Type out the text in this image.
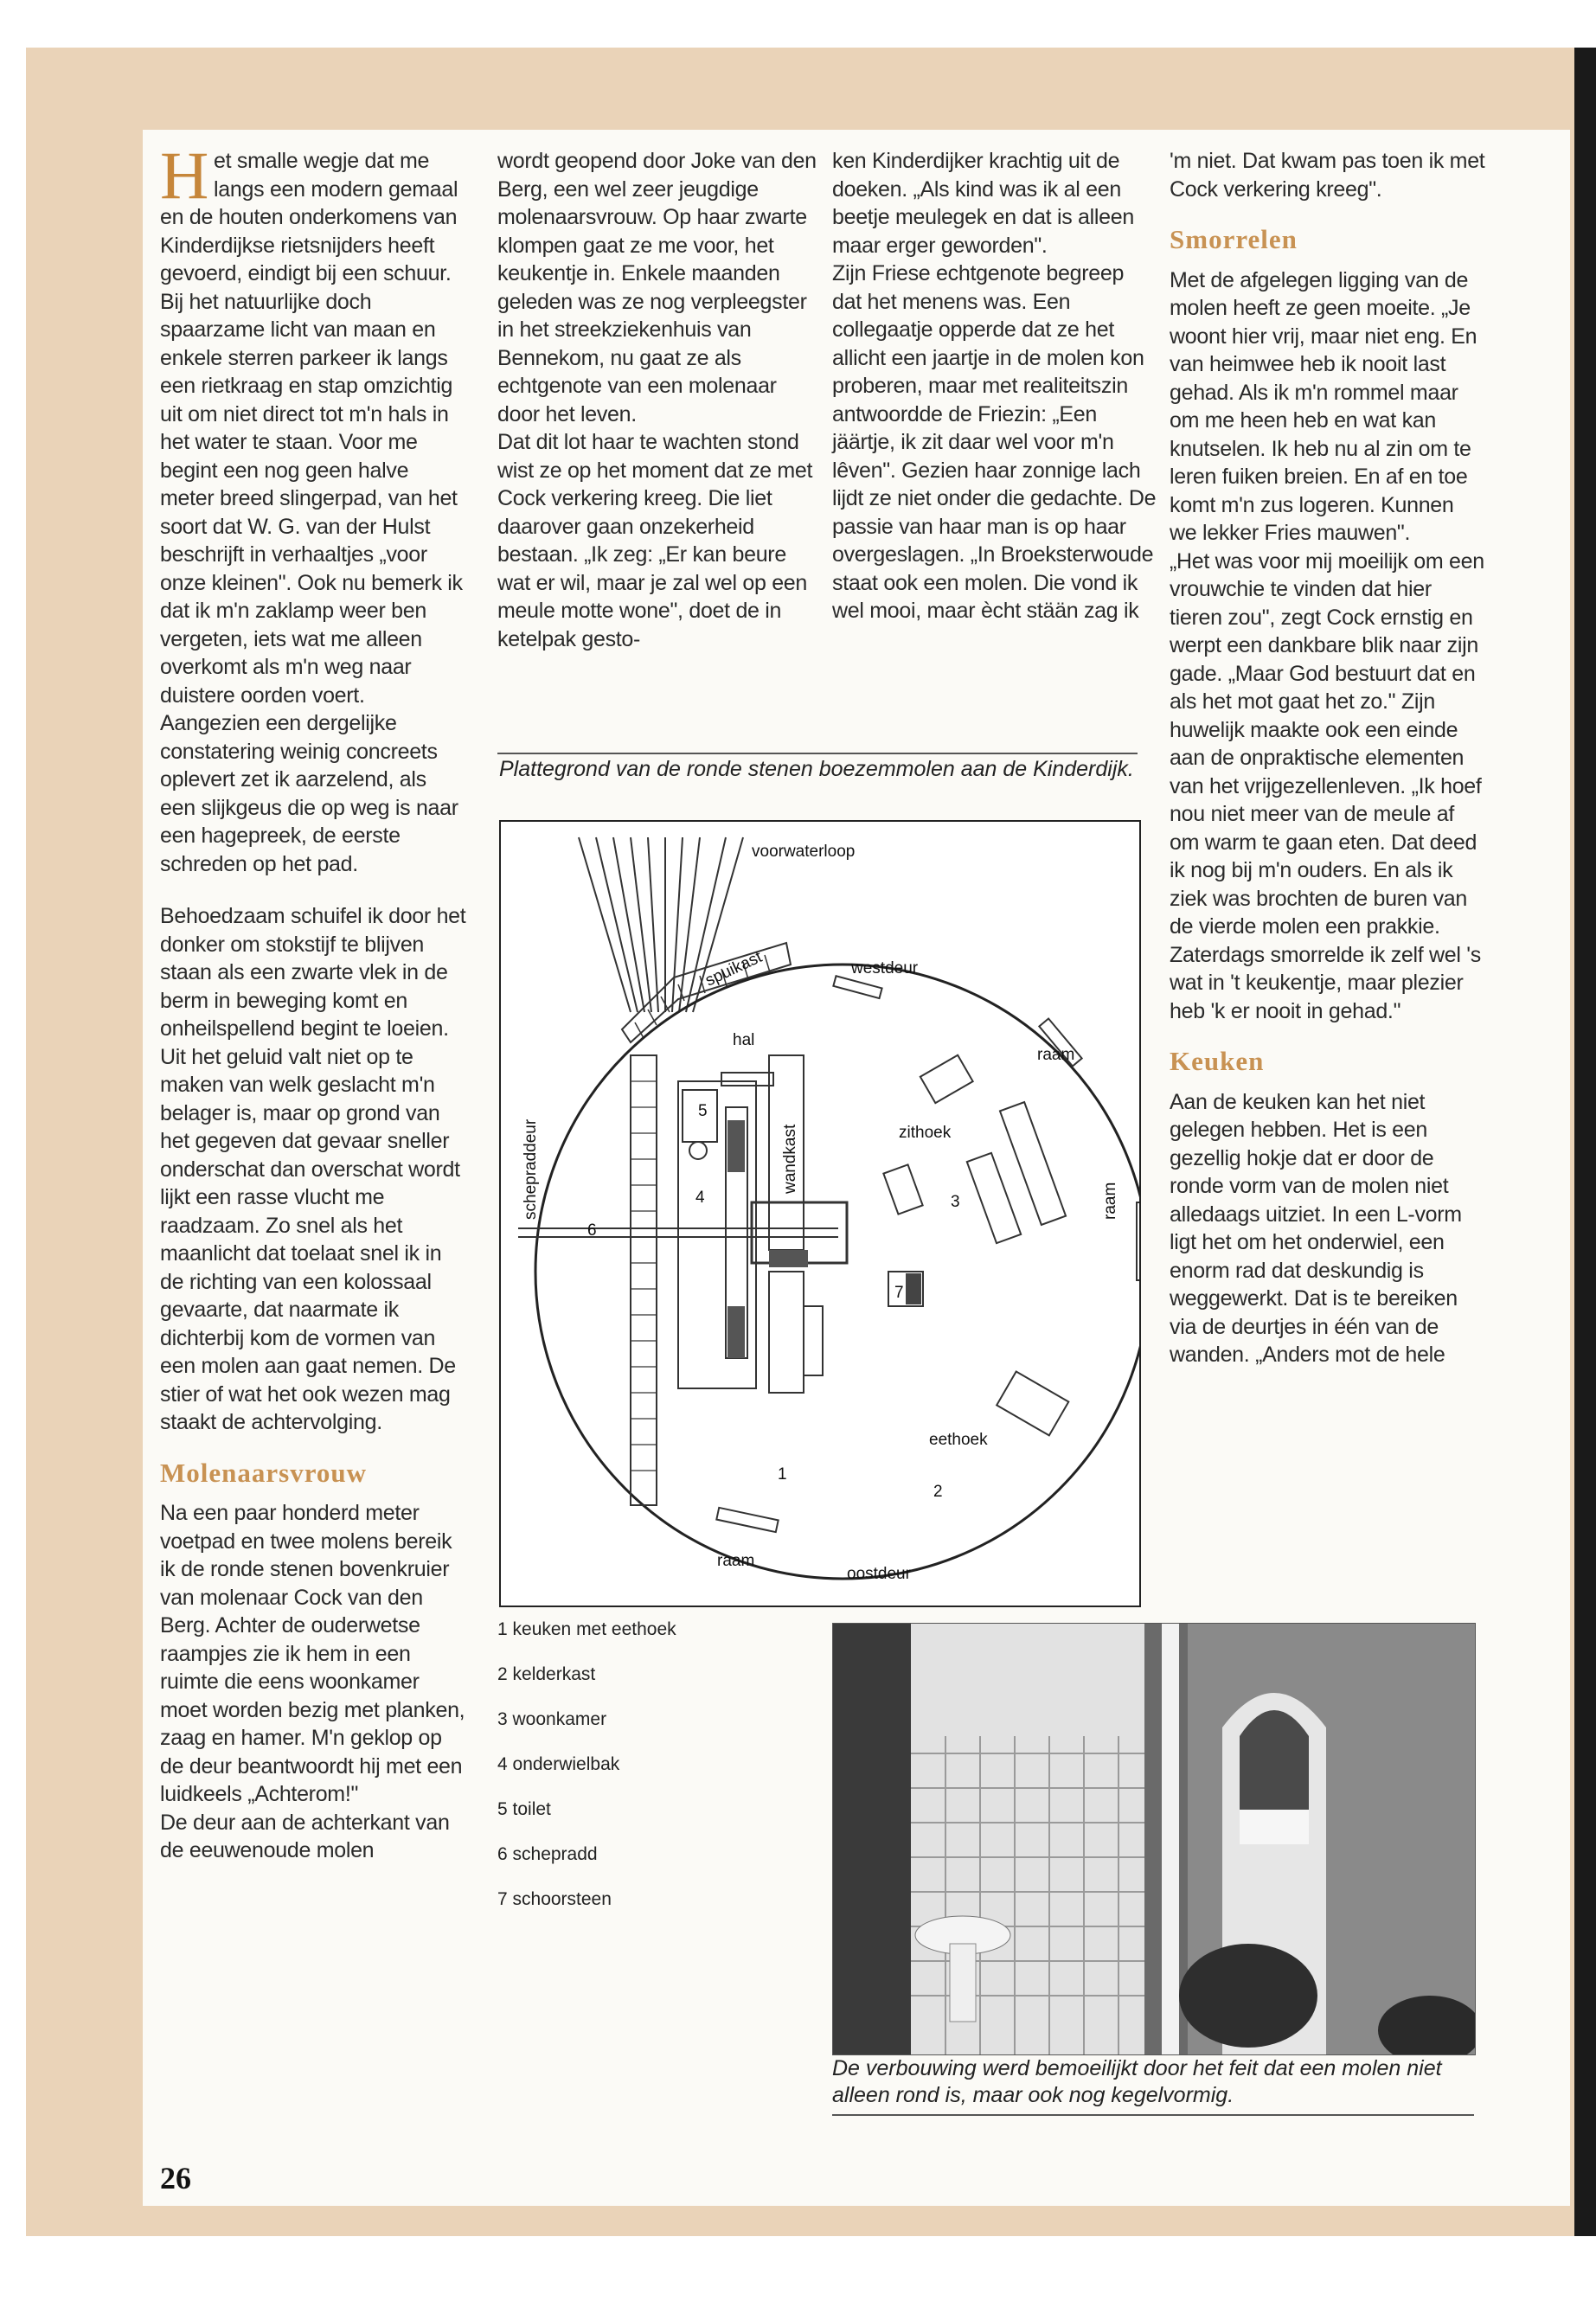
Het smalle wegje dat me langs een modern gemaal en de houten onderkomens van Kinderdijkse rietsnijders heeft gevoerd, eindigt bij een schuur. Bij het natuurlijke doch spaarzame licht van maan en enkele sterren parkeer ik langs een rietkraag en stap omzichtig uit om niet direct tot m'n hals in het water te staan. Voor me begint een nog geen halve meter breed slingerpad, van het soort dat W. G. van der Hulst beschrijft in verhaaltjes „voor onze kleinen". Ook nu bemerk ik dat ik m'n zaklamp weer ben vergeten, iets wat me alleen overkomt als m'n weg naar duistere oorden voert. Aangezien een dergelijke constatering weinig concreets oplevert zet ik aarzelend, als een slijkgeus die op weg is naar een hagepreek, de eerste schreden op het pad.

Behoedzaam schuifel ik door het donker om stokstijf te blijven staan als een zwarte vlek in de berm in beweging komt en onheilspellend begint te loeien. Uit het geluid valt niet op te maken van welk geslacht m'n belager is, maar op grond van het gegeven dat gevaar sneller onderschat dan overschat wordt lijkt een rasse vlucht me raadzaam. Zo snel als het maanlicht dat toelaat snel ik in de richting van een kolossaal gevaarte, dat naarmate ik dichterbij kom de vormen van een molen aan gaat nemen. De stier of wat het ook wezen mag staakt de achtervolging.

Molenaarsvrouw

Na een paar honderd meter voetpad en twee molens bereik ik de ronde stenen bovenkruier van molenaar Cock van den Berg. Achter de ouderwetse raampjes zie ik hem in een ruimte die eens woonkamer moet worden bezig met planken, zaag en hamer. M'n geklop op de deur beantwoordt hij met een luidkeels „Achterom!"

De deur aan de achterkant van de eeuwenoude molen

wordt geopend door Joke van den Berg, een wel zeer jeugdige molenaarsvrouw. Op haar zwarte klompen gaat ze me voor, het keukentje in. Enkele maanden geleden was ze nog verpleegster in het streekziekenhuis van Bennekom, nu gaat ze als echtgenote van een molenaar door het leven.

Dat dit lot haar te wachten stond wist ze op het moment dat ze met Cock verkering kreeg. Die liet daarover gaan onzekerheid bestaan. „Ik zeg: „Er kan beure wat er wil, maar je zal wel op een meule motte wone", doet de in ketelpak gesto-

ken Kinderdijker krachtig uit de doeken. „Als kind was ik al een beetje meulegek en dat is alleen maar erger geworden".

Zijn Friese echtgenote begreep dat het menens was. Een collegaatje opperde dat ze het allicht een jaartje in de molen kon proberen, maar met realiteitszin antwoordde de Friezin: „Een jäärtje, ik zit daar wel voor m'n lêven". Gezien haar zonnige lach lijdt ze niet onder die gedachte. De passie van haar man is op haar overgeslagen. „In Broeksterwoude staat ook een molen. Die vond ik wel mooi, maar ècht stään zag ik

'm niet. Dat kwam pas toen ik met Cock verkering kreeg".

Smorrelen

Met de afgelegen ligging van de molen heeft ze geen moeite. „Je woont hier vrij, maar niet eng. En van heimwee heb ik nooit last gehad. Als ik m'n rommel maar om me heen heb en wat kan knutselen. Ik heb nu al zin om te leren fuiken breien. En af en toe komt m'n zus logeren. Kunnen we lekker Fries mauwen".

„Het was voor mij moeilijk om een vrouwchie te vinden dat hier tieren zou", zegt Cock ernstig en werpt een dankbare blik naar zijn gade. „Maar God bestuurt dat en als het mot gaat het zo." Zijn huwelijk maakte ook een einde aan de onpraktische elementen van het vrijgezellenleven. „Ik hoef nou niet meer van de meule af om warm te gaan eten. Dat deed ik nog bij m'n ouders. En als ik ziek was brochten de buren van de vierde molen een prakkie. Zaterdags smorrelde ik zelf wel 's wat in 't keukentje, maar plezier heb 'k er nooit in gehad."

Keuken

Aan de keuken kan het niet gelegen hebben. Het is een gezellig hokje dat er door de ronde vorm van de molen niet alledaags uitziet. In een L-vorm ligt het om het onderwiel, een enorm rad dat deskundig is weggewerkt. Dat is te bereiken via de deurtjes in één van de wanden. „Anders mot de hele

Plattegrond van de ronde stenen boezemmolen aan de Kinderdijk.
voorwaterloop
spuikast	westdeur
hal
raam
zithoek
wandkast
raam
schepraddeur
eethoek
raam
oostdeur
1
2
3
4
5
6
7
1 keuken met eethoek
2 kelderkast
3 woonkamer
4 onderwielbak
5 toilet
6 schepradd
7 schoorsteen
De verbouwing werd bemoeilijkt door het feit dat een molen niet alleen rond is, maar ook nog kegelvormig.
26
